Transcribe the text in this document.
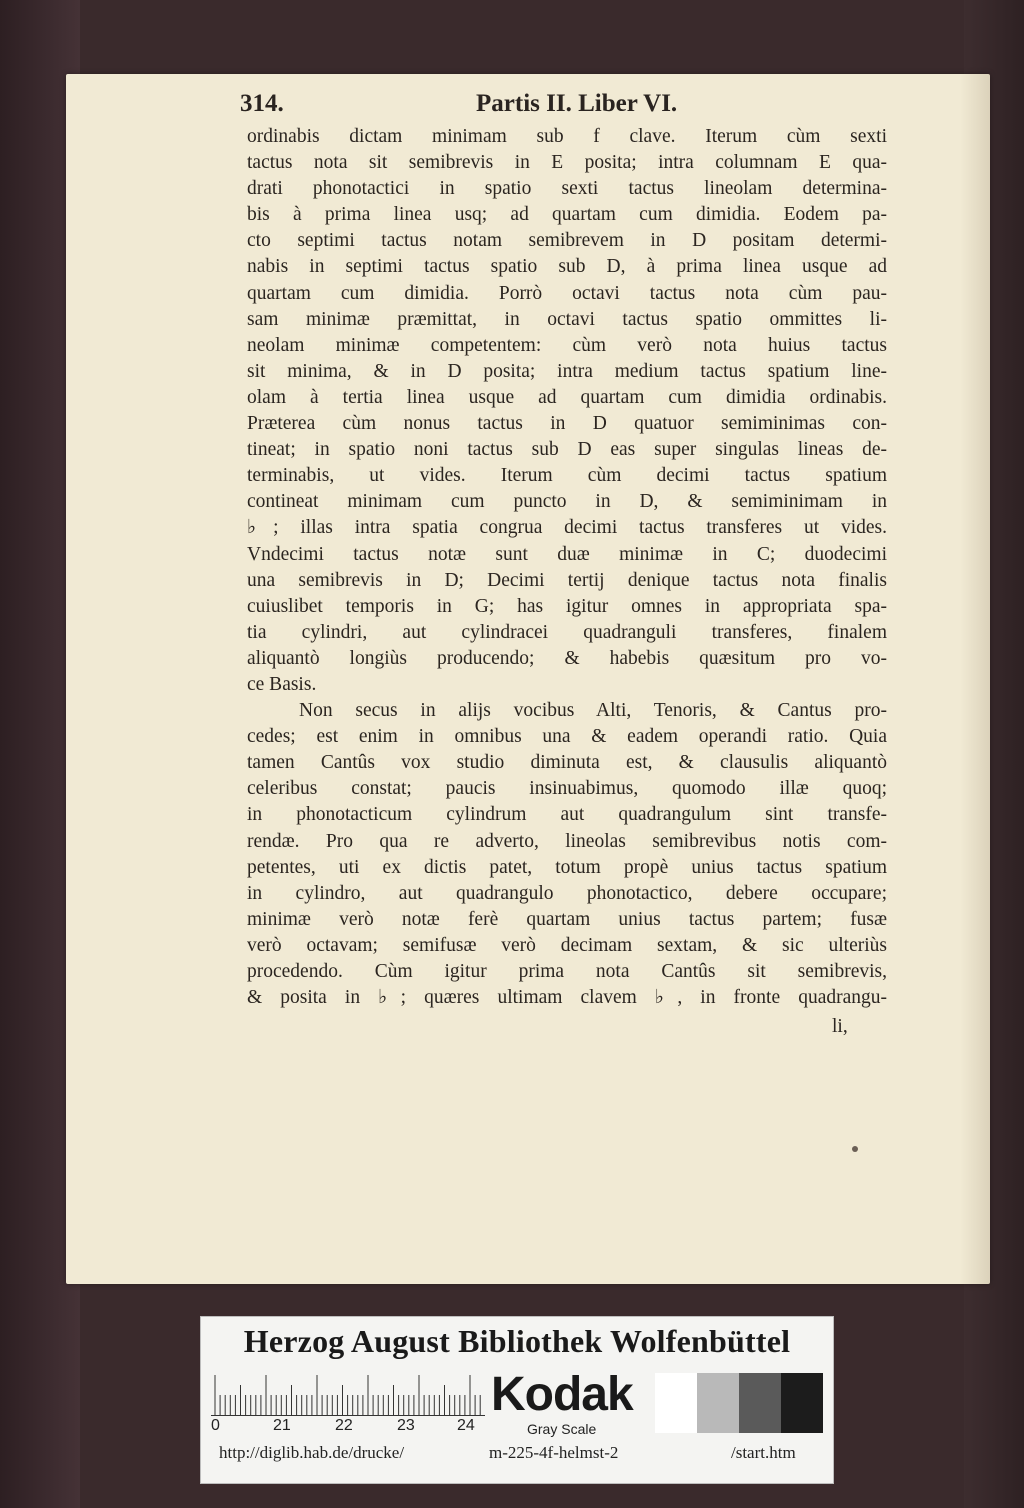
314.	Partis II. Liber VI.
ordinabis dictam minimam sub f clave. Iterum cùm sexti
tactus nota sit semibrevis in E posita; intra columnam E qua-
drati phonotactici in spatio sexti tactus lineolam determina-
bis à prima linea usq; ad quartam cum dimidia. Eodem pa-
cto septimi tactus notam semibrevem in D positam determi-
nabis in septimi tactus spatio sub D, à prima linea usque ad
quartam cum dimidia. Porrò octavi tactus nota cùm pau-
sam minimæ præmittat, in octavi tactus spatio ommittes li-
neolam minimæ competentem: cùm verò nota huius tactus
sit minima, & in D posita; intra medium tactus spatium line-
olam à tertia linea usque ad quartam cum dimidia ordinabis.
Præterea cùm nonus tactus in D quatuor semiminimas con-
tineat; in spatio noni tactus sub D eas super singulas lineas de-
terminabis, ut vides. Iterum cùm decimi tactus spatium
contineat minimam cum puncto in D, & semiminimam in
♭; illas intra spatia congrua decimi tactus transferes ut vides.
Vndecimi tactus notæ sunt duæ minimæ in C; duodecimi
una semibrevis in D; Decimi tertij denique tactus nota finalis
cuiuslibet temporis in G; has igitur omnes in appropriata spa-
tia cylindri, aut cylindracei quadranguli transferes, finalem
aliquantò longiùs producendo; & habebis quæsitum pro vo-
ce Basis.
Non secus in alijs vocibus Alti, Tenoris, & Cantus pro-
cedes; est enim in omnibus una & eadem operandi ratio. Quia
tamen Cantûs vox studio diminuta est, & clausulis aliquantò
celeribus constat; paucis insinuabimus, quomodo illæ quoq;
in phonotacticum cylindrum aut quadrangulum sint transfe-
rendæ. Pro qua re adverto, lineolas semibrevibus notis com-
petentes, uti ex dictis patet, totum propè unius tactus spatium
in cylindro, aut quadrangulo phonotactico, debere occupare;
minimæ verò notæ ferè quartam unius tactus partem; fusæ
verò octavam; semifusæ verò decimam sextam, & sic ulteriùs
procedendo. Cùm igitur prima nota Cantûs sit semibrevis,
& posita in ♭; quæres ultimam clavem ♭, in fronte quadrangu-
li,
Herzog August Bibliothek Wolfenbüttel
0	21	22	23	24
Kodak
Gray Scale
http://diglib.hab.de/drucke/	m-225-4f-helmst-2	/start.htm
